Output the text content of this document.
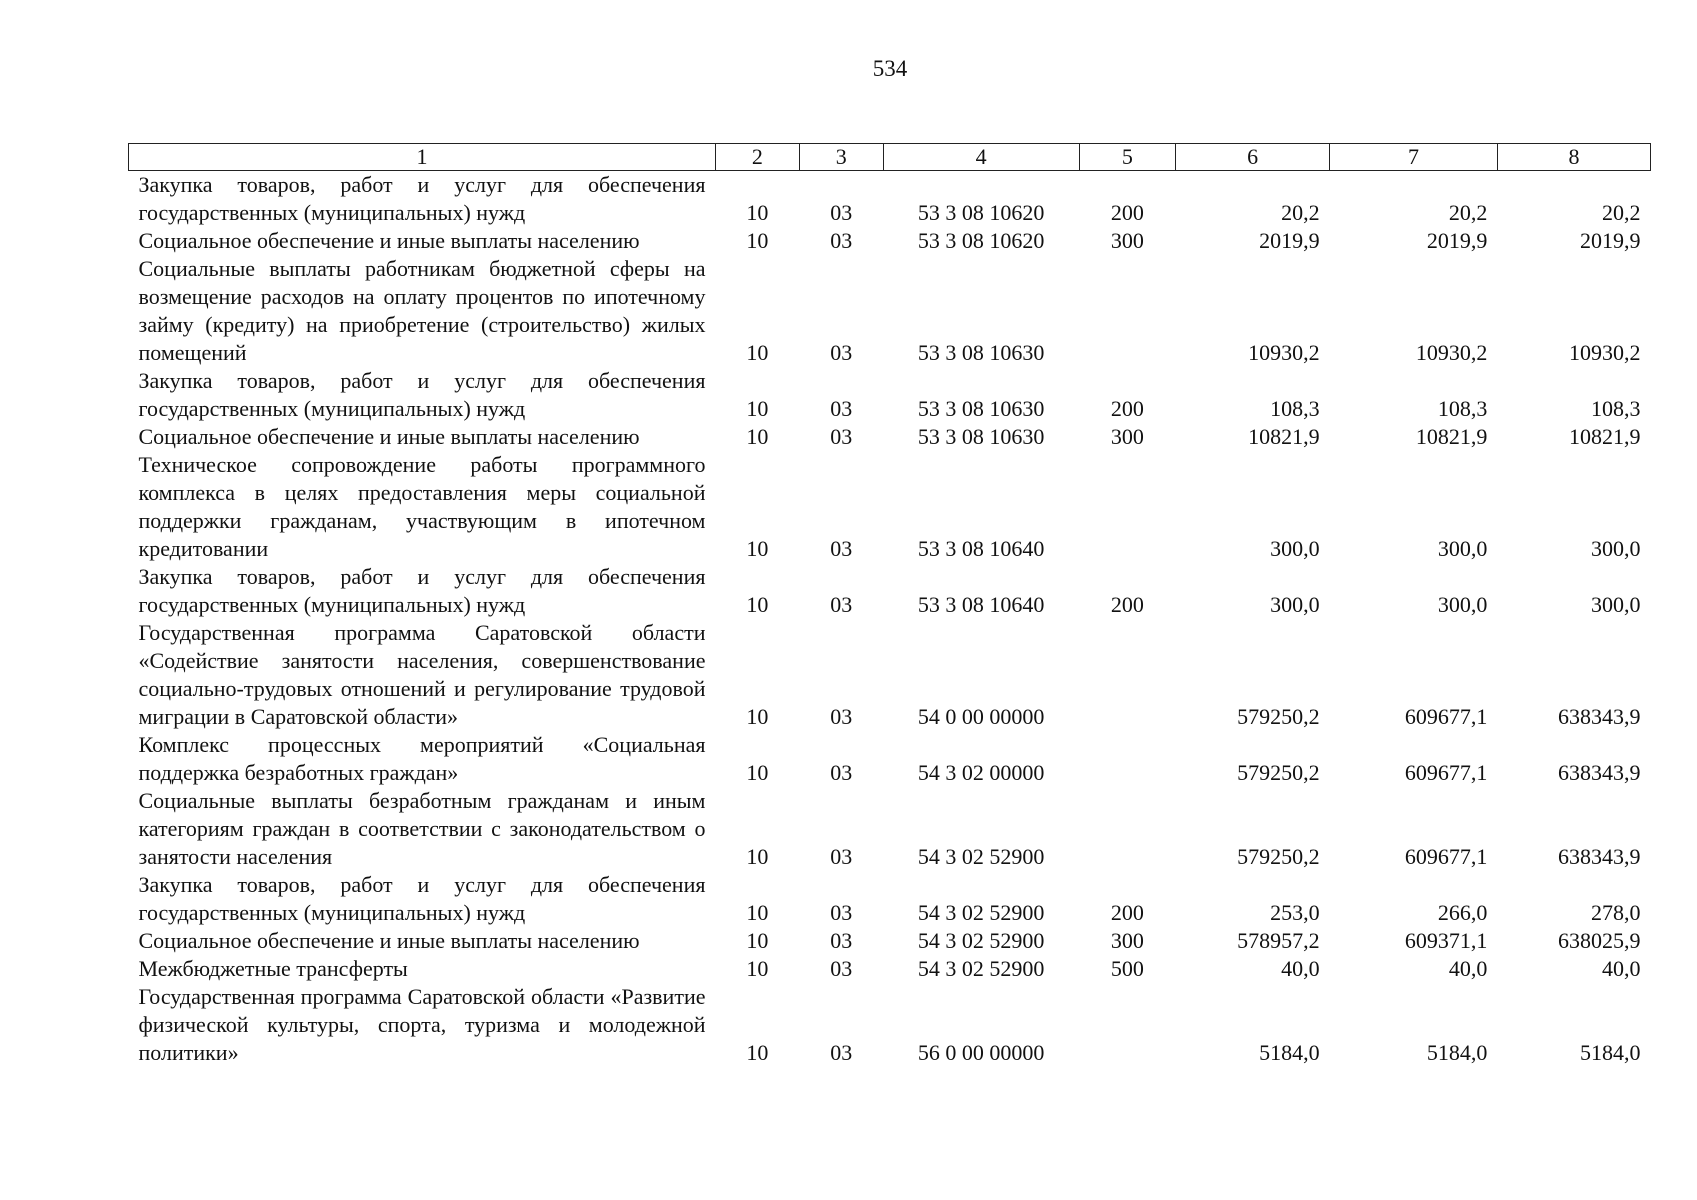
534
1	2	3	4	5	6	7	8
Закупка товаров, работ и услуг для обеспечения государственных (муниципальных) нужд	10	03	53 3 08 10620	200	20,2	20,2	20,2
Социальное обеспечение и иные выплаты населению	10	03	53 3 08 10620	300	2019,9	2019,9	2019,9
Социальные выплаты работникам бюджетной сферы на возмещение расходов на оплату процентов по ипотечному займу (кредиту) на приобретение (строительство) жилых помещений	10	03	53 3 08 10630		10930,2	10930,2	10930,2
Закупка товаров, работ и услуг для обеспечения государственных (муниципальных) нужд	10	03	53 3 08 10630	200	108,3	108,3	108,3
Социальное обеспечение и иные выплаты населению	10	03	53 3 08 10630	300	10821,9	10821,9	10821,9
Техническое сопровождение работы программного комплекса в целях предоставления меры социальной поддержки гражданам, участвующим в ипотечном кредитовании	10	03	53 3 08 10640		300,0	300,0	300,0
Закупка товаров, работ и услуг для обеспечения государственных (муниципальных) нужд	10	03	53 3 08 10640	200	300,0	300,0	300,0
Государственная программа Саратовской области «Содействие занятости населения, совершенствование социально-трудовых отношений и регулирование трудовой миграции в Саратовской области»	10	03	54 0 00 00000		579250,2	609677,1	638343,9
Комплекс процессных мероприятий «Социальная поддержка безработных граждан»	10	03	54 3 02 00000		579250,2	609677,1	638343,9
Социальные выплаты безработным гражданам и иным категориям граждан в соответствии с законодательством о занятости населения	10	03	54 3 02 52900		579250,2	609677,1	638343,9
Закупка товаров, работ и услуг для обеспечения государственных (муниципальных) нужд	10	03	54 3 02 52900	200	253,0	266,0	278,0
Социальное обеспечение и иные выплаты населению	10	03	54 3 02 52900	300	578957,2	609371,1	638025,9
Межбюджетные трансферты	10	03	54 3 02 52900	500	40,0	40,0	40,0
Государственная программа Саратовской области «Развитие физической культуры, спорта, туризма и молодежной политики»	10	03	56 0 00 00000		5184,0	5184,0	5184,0
